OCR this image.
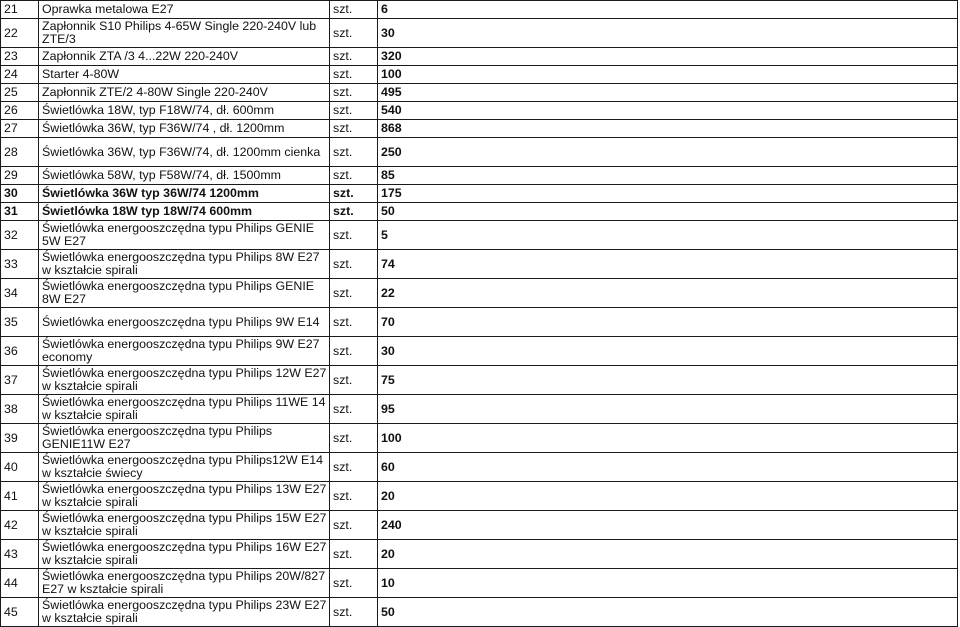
21	Oprawka metalowa E27	szt.	6
22	Zapłonnik S10 Philips 4-65W Single 220-240V lub ZTE/3	szt.	30
23	Zapłonnik ZTA /3 4...22W 220-240V	szt.	320
24	Starter 4-80W	szt.	100
25	Zapłonnik ZTE/2 4-80W Single 220-240V	szt.	495
26	Świetlówka 18W, typ F18W/74, dł. 600mm	szt.	540
27	Świetlówka 36W, typ F36W/74 , dł. 1200mm	szt.	868
28	Świetlówka 36W, typ F36W/74, dł. 1200mm cienka	szt.	250
29	Świetlówka 58W, typ F58W/74, dł. 1500mm	szt.	85
30	Świetlówka 36W typ 36W/74 1200mm	szt.	175
31	Świetlówka 18W typ 18W/74 600mm	szt.	50
32	Świetlówka energooszczędna typu Philips GENIE 5W E27	szt.	5
33	Świetlówka energooszczędna typu Philips 8W E27 w kształcie spirali	szt.	74
34	Świetlówka energooszczędna typu Philips GENIE 8W E27	szt.	22
35	Świetlówka energooszczędna typu Philips 9W E14	szt.	70
36	Świetlówka energooszczędna typu Philips 9W E27 economy	szt.	30
37	Świetlówka energooszczędna typu Philips 12W E27 w kształcie spirali	szt.	75
38	Świetlówka energooszczędna typu Philips 11WE 14 w kształcie spirali	szt.	95
39	Świetlówka energooszczędna typu Philips GENIE11W E27	szt.	100
40	Świetlówka energooszczędna typu Philips12W E14 w kształcie świecy	szt.	60
41	Świetlówka energooszczędna typu Philips 13W E27 w kształcie spirali	szt.	20
42	Świetlówka energooszczędna typu Philips 15W E27 w kształcie spirali	szt.	240
43	Świetlówka energooszczędna typu Philips 16W E27 w kształcie spirali	szt.	20
44	Świetlówka energooszczędna typu Philips 20W/827 E27 w kształcie spirali	szt.	10
45	Świetlówka energooszczędna typu Philips 23W E27 w kształcie spirali	szt.	50
